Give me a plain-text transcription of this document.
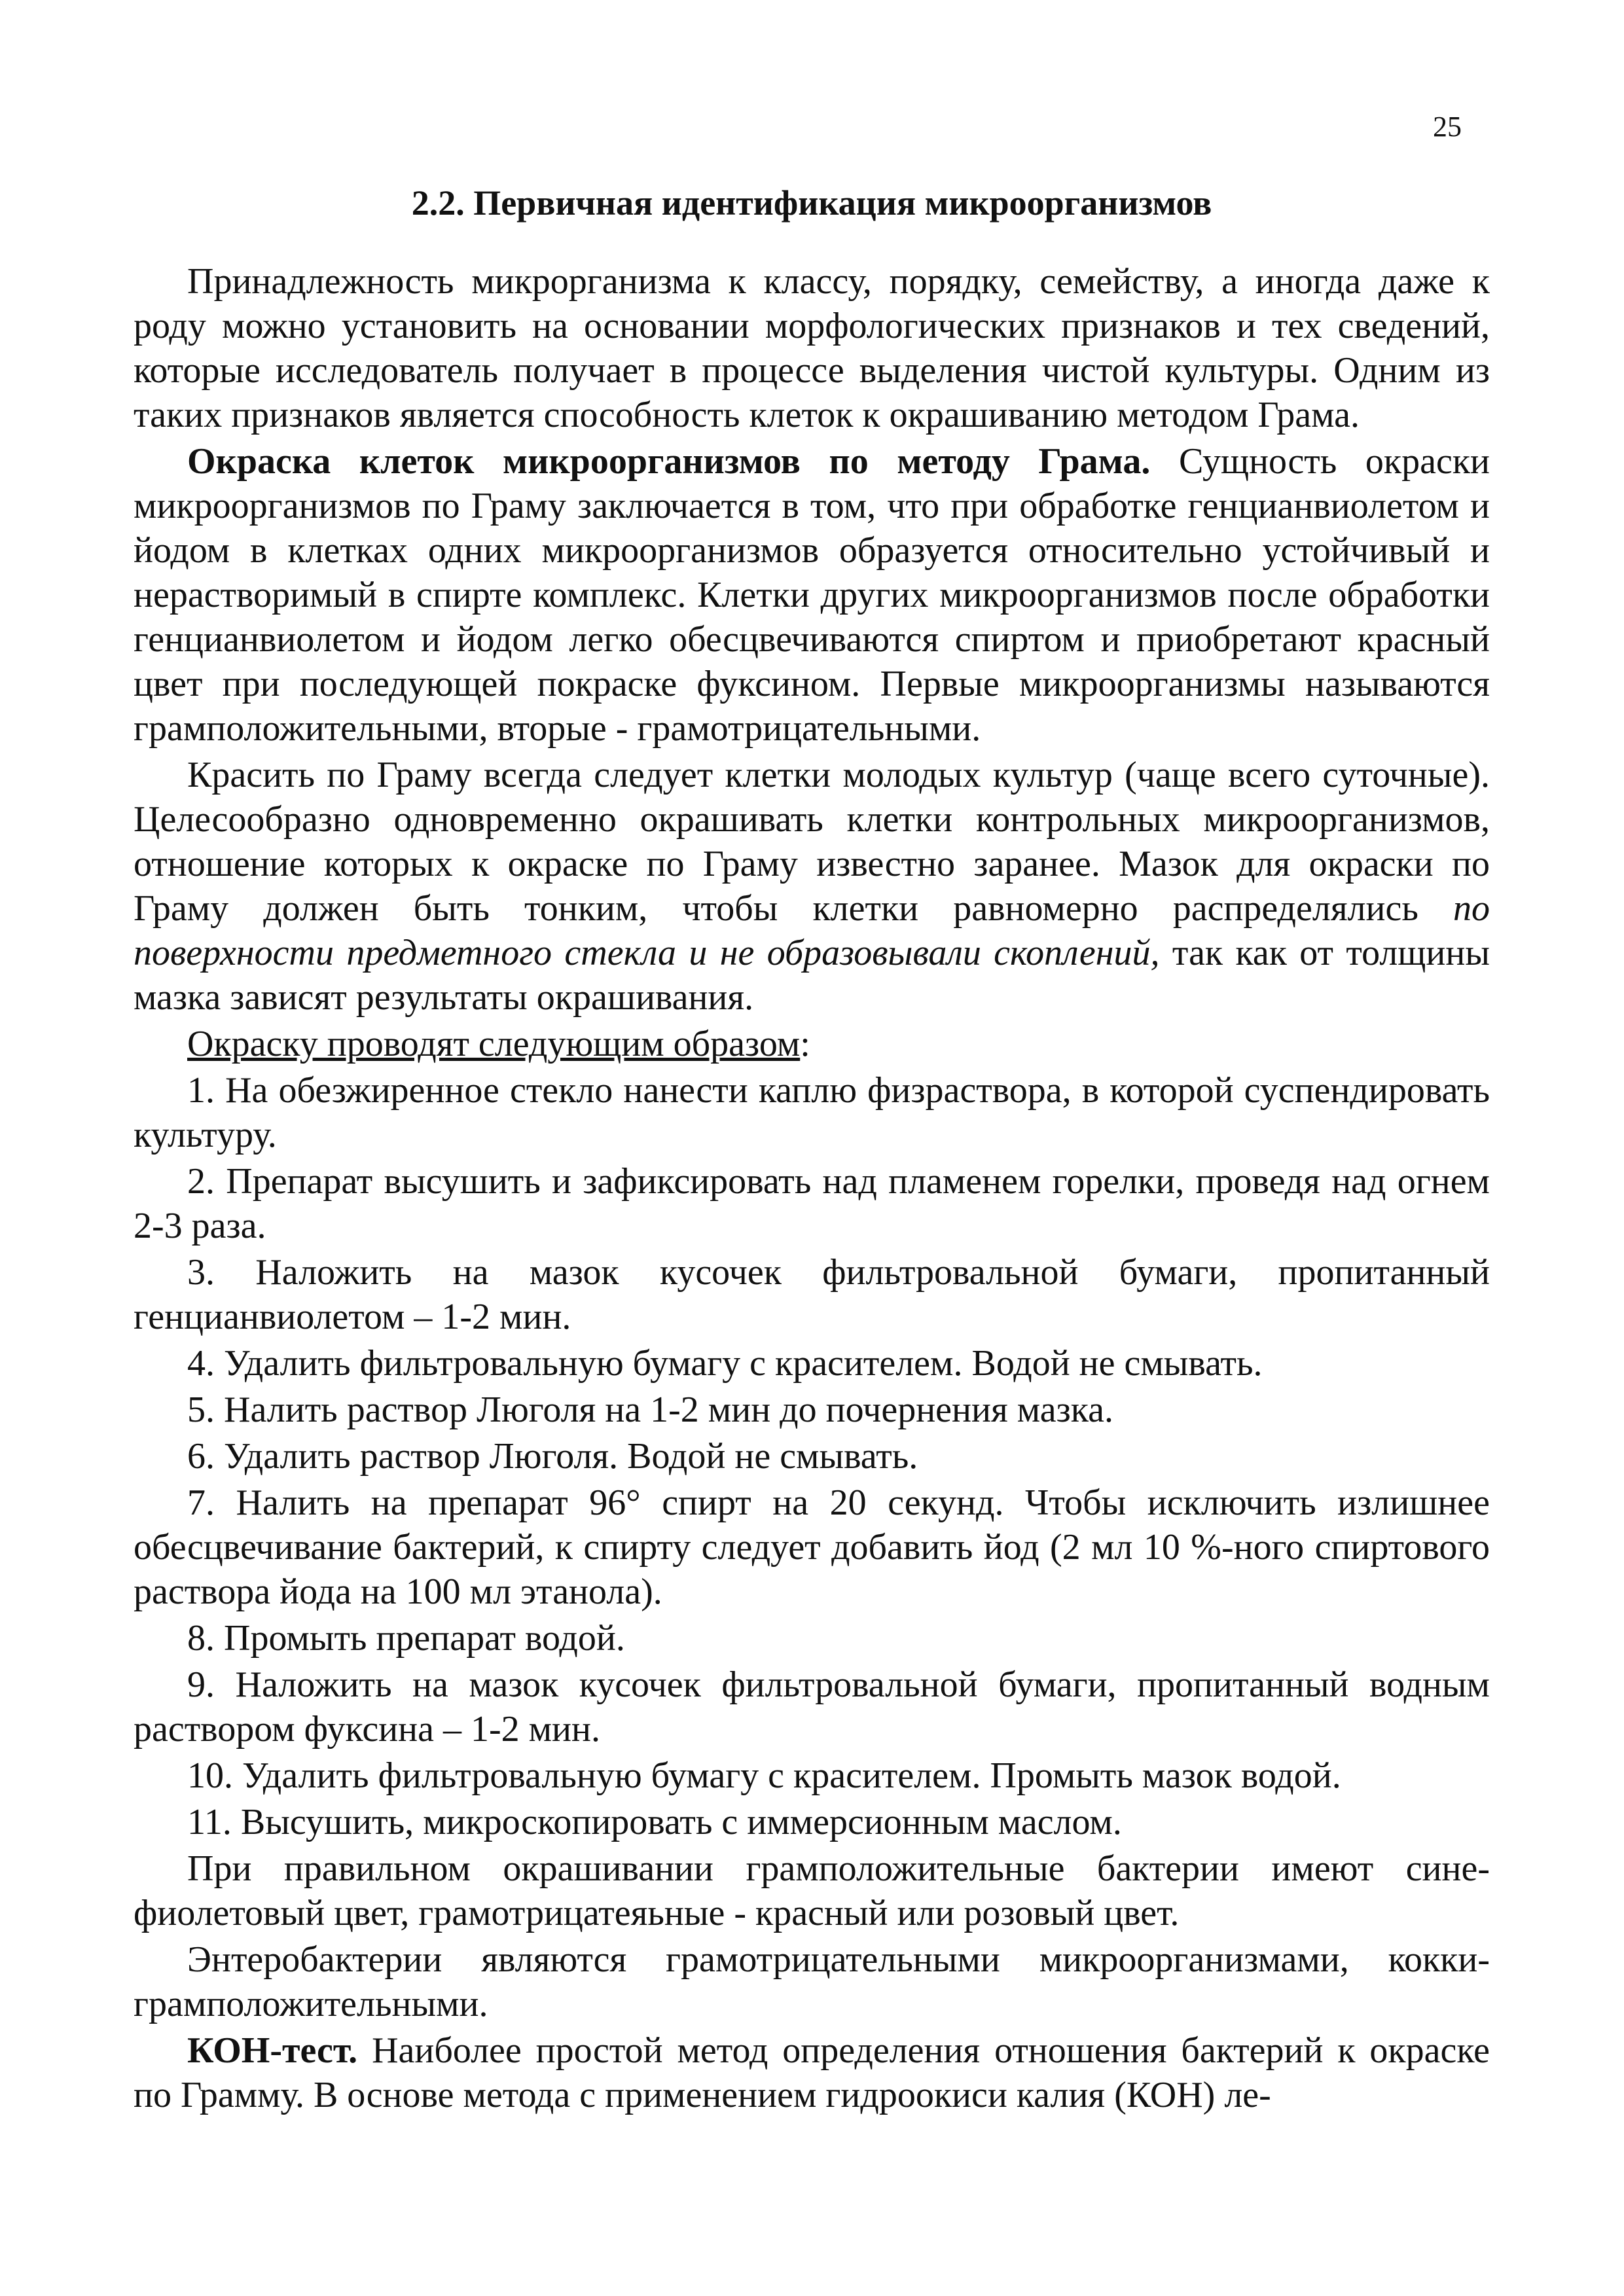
25
2.2. Первичная идентификация микроорганизмов

Принадлежность микрорганизма к классу, порядку, семейству, а иногда даже к роду можно установить на основании морфологических признаков и тех сведений, которые исследователь получает в процессе выделения чистой культуры. Одним из таких признаков является способность клеток к окрашиванию методом Грама.

Окраска клеток микроорганизмов по методу Грама. Сущность окраски микроорганизмов по Граму заключается в том, что при обработке генцианвиолетом и йодом в клетках одних микроорганизмов образуется относительно устойчивый и нерастворимый в спирте комплекс. Клетки других микроорганизмов после обработки генцианвиолетом и йодом легко обесцвечиваются спиртом и приобретают красный цвет при последующей покраске фуксином. Первые микроорганизмы называются грамположительными, вторые - грамотрицательными.

Красить по Граму всегда следует клетки молодых культур (чаще всего суточные). Целесообразно одновременно окрашивать клетки контрольных микроорганизмов, отношение которых к окраске по Граму известно заранее. Мазок для окраски по Граму должен быть тонким, чтобы клетки равномерно распределялись по поверхности предметного стекла и не образовывали скоплений, так как от толщины мазка зависят результаты окрашивания.

Окраску проводят следующим образом:

1. На обезжиренное стекло нанести каплю физраствора, в которой суспендировать культуру.

2. Препарат высушить и зафиксировать над пламенем горелки, проведя над огнем 2-3 раза.

3. Наложить на мазок кусочек фильтровальной бумаги, пропитанный генцианвиолетом – 1-2 мин.

4. Удалить фильтровальную бумагу с красителем. Водой не смывать.

5. Налить раствор Люголя на 1-2 мин до почернения мазка.

6. Удалить раствор Люголя. Водой не смывать.

7. Налить на препарат 96° спирт на 20 секунд. Чтобы исключить излишнее обесцвечивание бактерий, к спирту следует добавить йод (2 мл 10 %-ного спиртового раствора йода на 100 мл этанола).

8. Промыть препарат водой.

9. Наложить на мазок кусочек фильтровальной бумаги, пропитанный водным раствором фуксина – 1-2 мин.

10. Удалить фильтровальную бумагу с красителем. Промыть мазок водой.

11. Высушить, микроскопировать с иммерсионным маслом.

При правильном окрашивании грамположительные бактерии имеют сине-фиолетовый цвет, грамотрицатеяьные - красный или розовый цвет.

Энтеробактерии являются грамотрицательными микроорганизмами, кокки-грамположительными.

КОН-тест. Наиболее простой метод определения отношения бактерий к окраске по Грамму. В основе метода с применением гидроокиси калия (КОН) ле-
